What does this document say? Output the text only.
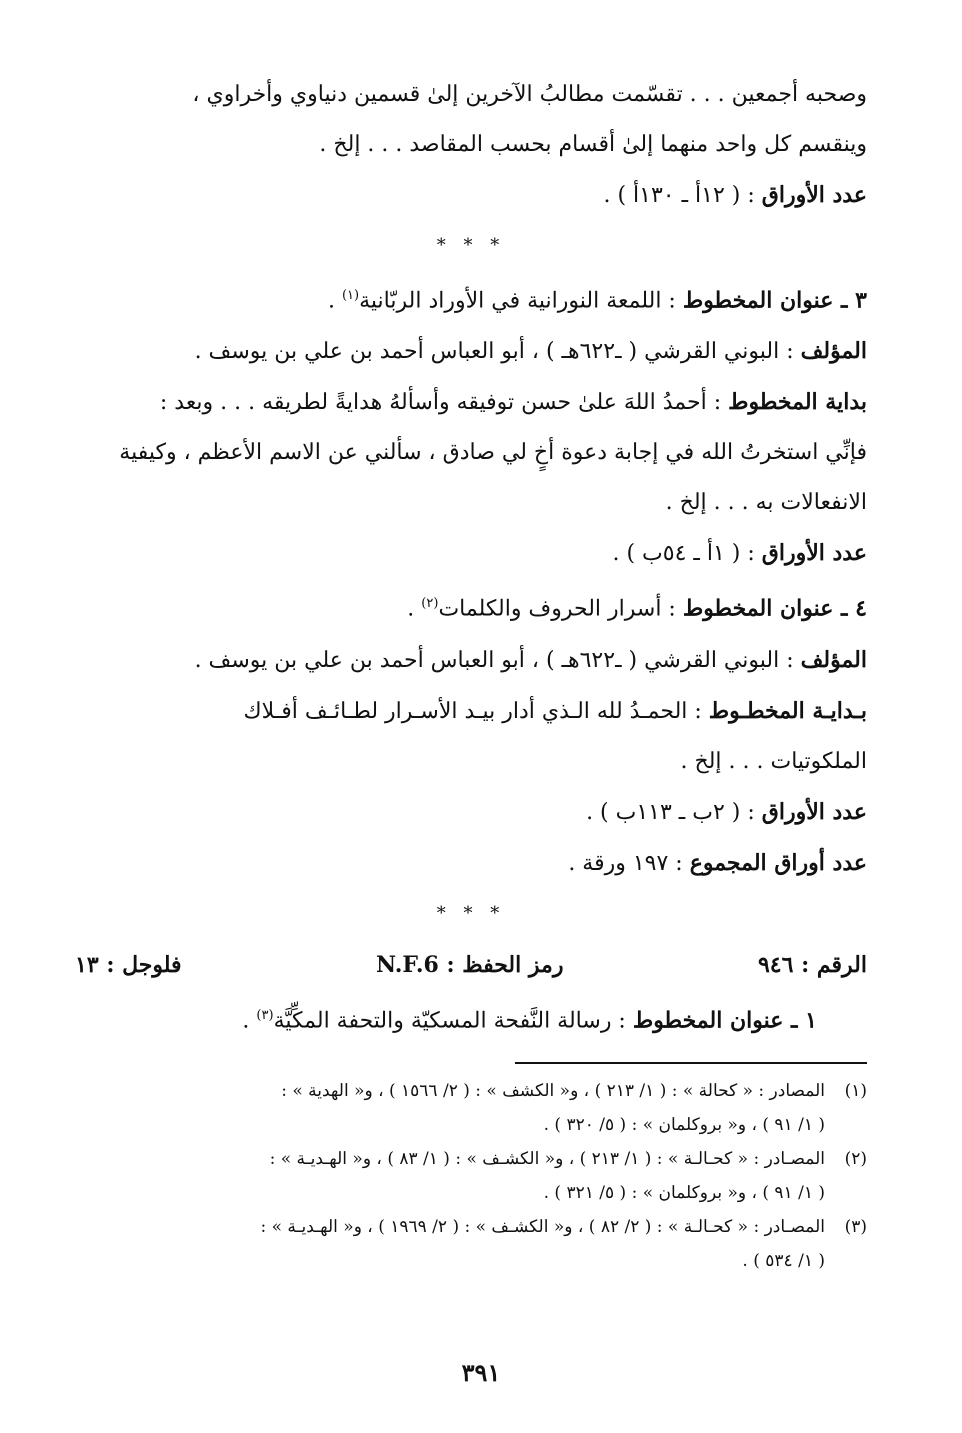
وصحبه أجمعين . . . تقسّمت مطالبُ الآخرين إلىٰ قسمين دنياوي وأخراوي ،
وينقسم كل واحد منهما إلىٰ أقسام بحسب المقاصد . . . إلخ .
عدد الأوراق : ( ١٢أ ـ ١٣٠أ ) .
* * *
٣ ـ عنوان المخطوط : اللمعة النورانية في الأوراد الربّانية$^{(١)}$ .
المؤلف : البوني القرشي ( ـ٦٢٢هـ ) ، أبو العباس أحمد بن علي بن يوسف .
بداية المخطوط : أحمدُ اللهَ علىٰ حسن توفيقه وأسألهُ هدايةً لطريقه . . . وبعد :
فإنِّي استخرتُ الله في إجابة دعوة أخٍ لي صادق ، سألني عن الاسم الأعظم ، وكيفية
الانفعالات به . . . إلخ .
عدد الأوراق : ( ١أ ـ ٥٤ب ) .
٤ ـ عنوان المخطوط : أسرار الحروف والكلمات$^{(٢)}$ .
المؤلف : البوني القرشي ( ـ٦٢٢هـ ) ، أبو العباس أحمد بن علي بن يوسف .
بـدايـة المخطـوط : الحمـدُ لله الـذي أدار بيـد الأسـرار لطـائـف أفـلاك
الملكوتيات . . . إلخ .
عدد الأوراق : ( ٢ب ـ ١١٣ب ) .
عدد أوراق المجموع : ١٩٧ ورقة .
* * *
الرقم : ٩٤٦
رمز الحفظ : N.F.6
فلوجل : ١٣
١ ـ عنوان المخطوط : رسالة النَّفحة المسكيّة والتحفة المكِّيَّة$^{(٣)}$ .
(١)المصادر : « كحالة » : ( ١/ ٢١٣ ) ، و« الكشف » : ( ٢/ ١٥٦٦ ) ، و« الهدية » :
( ١/ ٩١ ) ، و« بروكلمان » : ( ٥/ ٣٢٠ ) .
(٢)المصـادر : « كحـالـة » : ( ١/ ٢١٣ ) ، و« الكشـف » : ( ١/ ٨٣ ) ، و« الهـديـة » :
( ١/ ٩١ ) ، و« بروكلمان » : ( ٥/ ٣٢١ ) .
(٣)المصـادر : « كحـالـة » : ( ٢/ ٨٢ ) ، و« الكشـف » : ( ٢/ ١٩٦٩ ) ، و« الهـديـة » :
( ١/ ٥٣٤ ) .
٣٩١
